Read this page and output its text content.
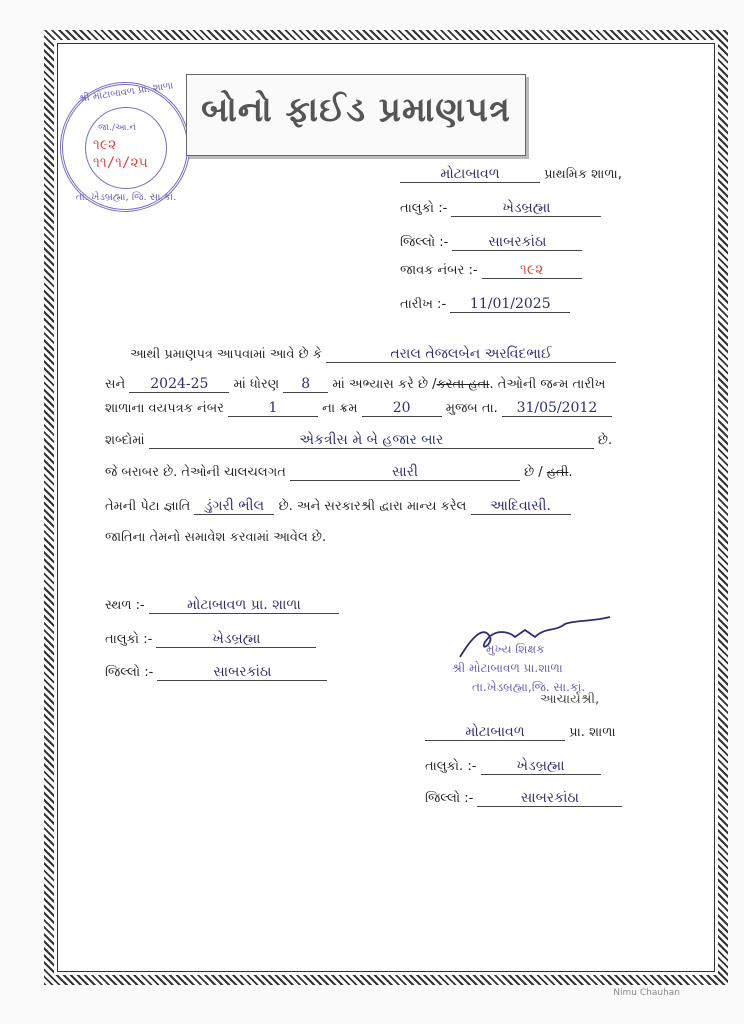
શ્રી મોટાબાવળ પ્રા. શાળા
જા./આ.નં
૧૯૨
૧૧/૧/૨૫
તા. ખેડબ્રહ્મા, જિ. સા.કાં.
બોનો ફાઈડ પ્રમાણપત્ર
મોટાબાવળ	પ્રાથમિક શાળા,
તાલુકો :-	ખેડબ્રહ્મા
જિલ્લો :-	સાબરકાંઠા
જાવક નંબર :-	૧૯૨
તારીખ :- 11/01/2025
આથી પ્રમાણપત્ર આપવામાં આવે છે કે	તરાલ તેજલબેન અરવિંદભાઈ
સને 2024-25 માં ધોરણ 8 માં અભ્યાસ કરે છે /કરતા હતા. તેઓની જન્મ તારીખ
શાળાના વયપત્રક નંબર	1	ના ક્રમ	20	મુજબ તા. 31/05/2012
શબ્દોમાં	એકત્રીસ મે બે હજાર બાર	છે.
જે બરાબર છે. તેઓની ચાલચલગત	સારી	છે / હતી.
તેમની પેટા જ્ઞાતિ ડુંગરી ભીલ છે. અને સરકારશ્રી દ્વારા માન્ય કરેલ આદિવાસી.
જાતિના તેમનો સમાવેશ કરવામાં આવેલ છે.
સ્થળ :-	મોટાબાવળ પ્રા. શાળા
તાલુકો :-	ખેડબ્રહ્મા
જિલ્લો :-	સાબરકાંઠા
મુખ્ય શિક્ષક
શ્રી મોટાબાવળ પ્રા.શાળા
તા.ખેડબ્રહ્મા,જિ. સા.કાં.
આચાર્યશ્રી,
મોટાબાવળ	પ્રા. શાળા
તાલુકો. :-	ખેડબ્રહ્મા
જિલ્લો :-	સાબરકાંઠા
Nimu Chauhan
